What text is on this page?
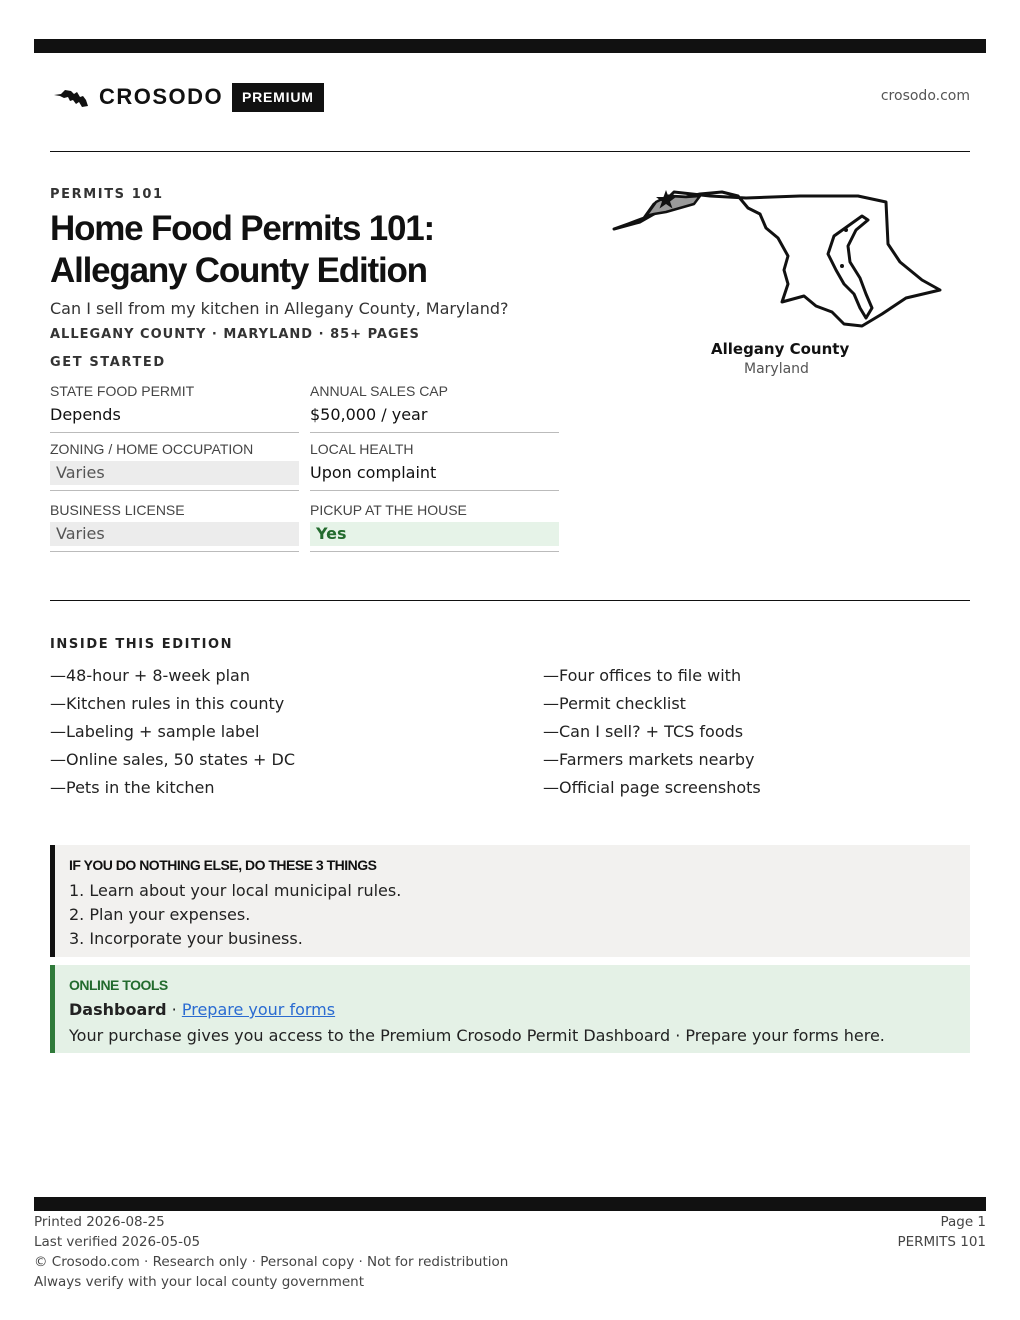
CROSODO	PREMIUM	crosodo.com
PERMITS 101
Home Food Permits 101:
Allegany County Edition
Can I sell from my kitchen in Allegany County, Maryland?
ALLEGANY COUNTY · MARYLAND · 85+ PAGES
GET STARTED
STATE FOOD PERMIT
Depends
ANNUAL SALES CAP
$50,000 / year
ZONING / HOME OCCUPATION
Varies
LOCAL HEALTH
Upon complaint
BUSINESS LICENSE
Varies
PICKUP AT THE HOUSE
Yes
Allegany County
Maryland
INSIDE THIS EDITION
—48-hour + 8-week plan
—Kitchen rules in this county
—Labeling + sample label
—Online sales, 50 states + DC
—Pets in the kitchen
—Four offices to file with
—Permit checklist
—Can I sell? + TCS foods
—Farmers markets nearby
—Official page screenshots
IF YOU DO NOTHING ELSE, DO THESE 3 THINGS
1. Learn about your local municipal rules.
2. Plan your expenses.
3. Incorporate your business.
ONLINE TOOLS
Dashboard · Prepare your forms
Your purchase gives you access to the Premium Crosodo Permit Dashboard · Prepare your forms here.
Printed 2026-08-25
Last verified 2026-05-05
© Crosodo.com · Research only · Personal copy · Not for redistribution
Always verify with your local county government
Page 1
PERMITS 101
